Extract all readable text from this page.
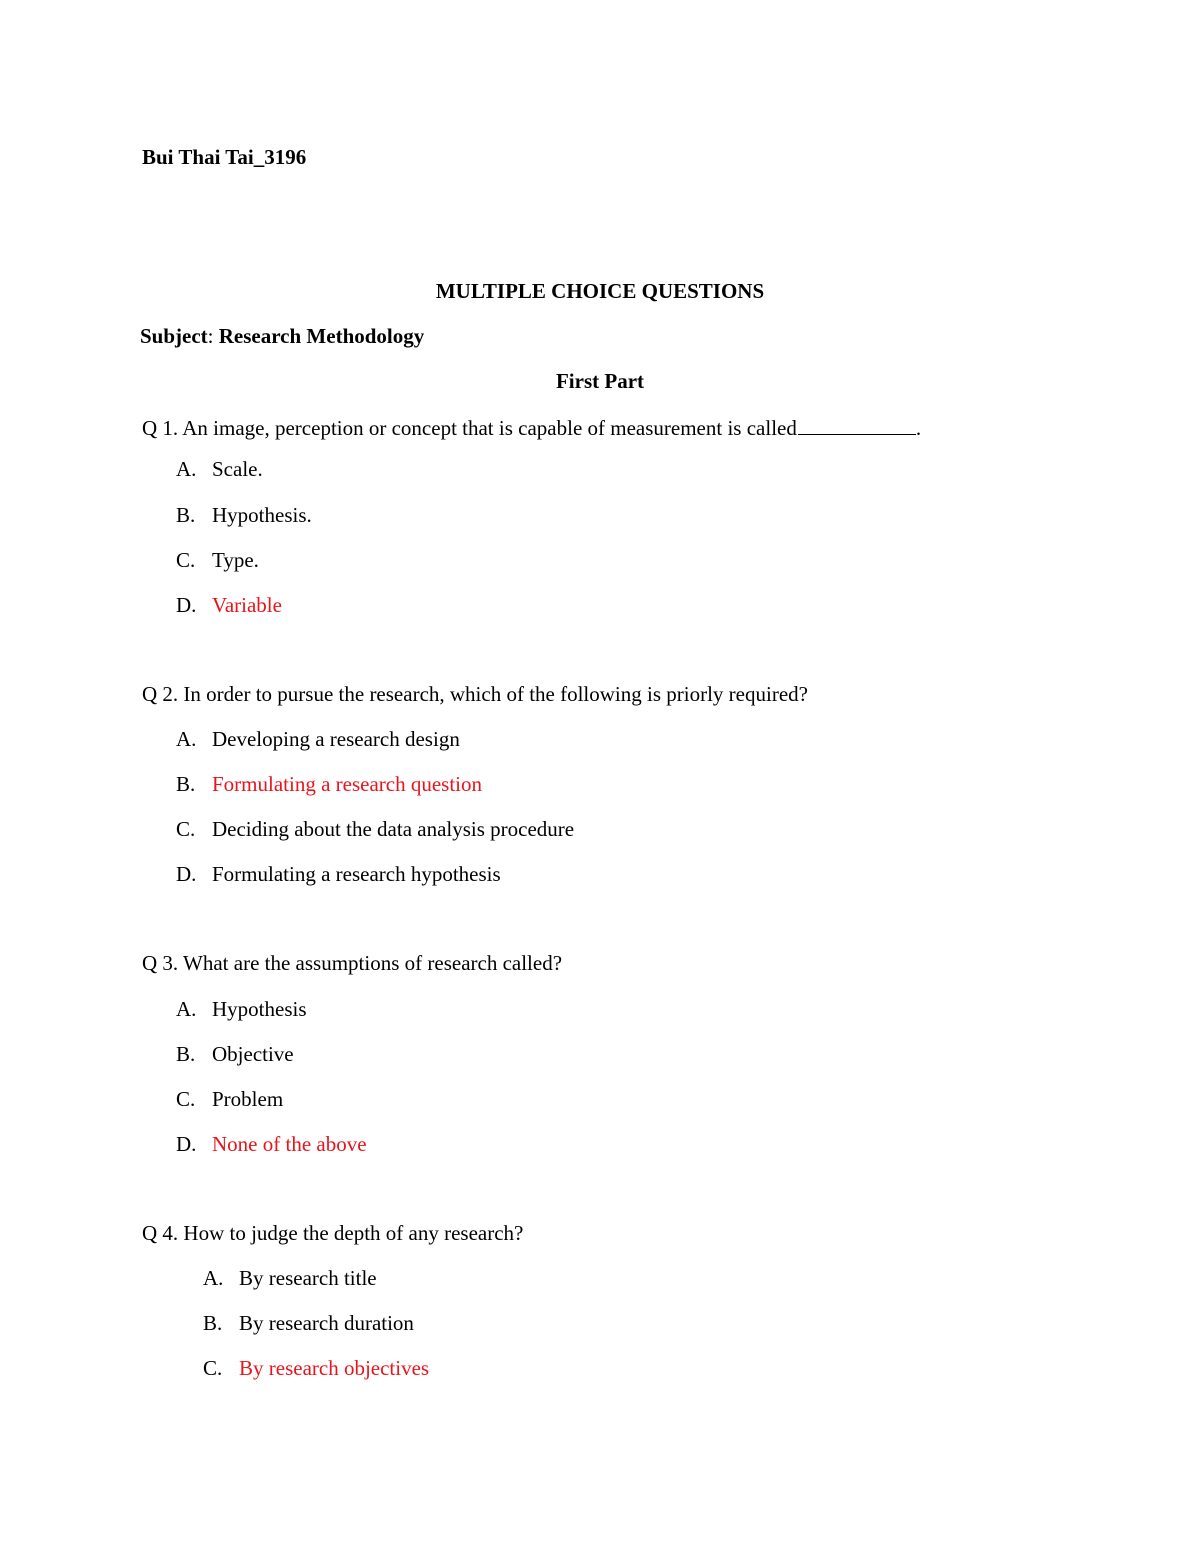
Bui Thai Tai_3196
MULTIPLE CHOICE QUESTIONS
Subject: Research Methodology
First Part
Q 1. An image, perception or concept that is capable of measurement is called	.
A. Scale.
B. Hypothesis.
C. Type.
D. Variable
Q 2. In order to pursue the research, which of the following is priorly required?
A. Developing a research design
B. Formulating a research question
C. Deciding about the data analysis procedure
D. Formulating a research hypothesis
Q 3. What are the assumptions of research called?
A. Hypothesis
B. Objective
C. Problem
D. None of the above
Q 4. How to judge the depth of any research?
A. By research title
B. By research duration
C. By research objectives
